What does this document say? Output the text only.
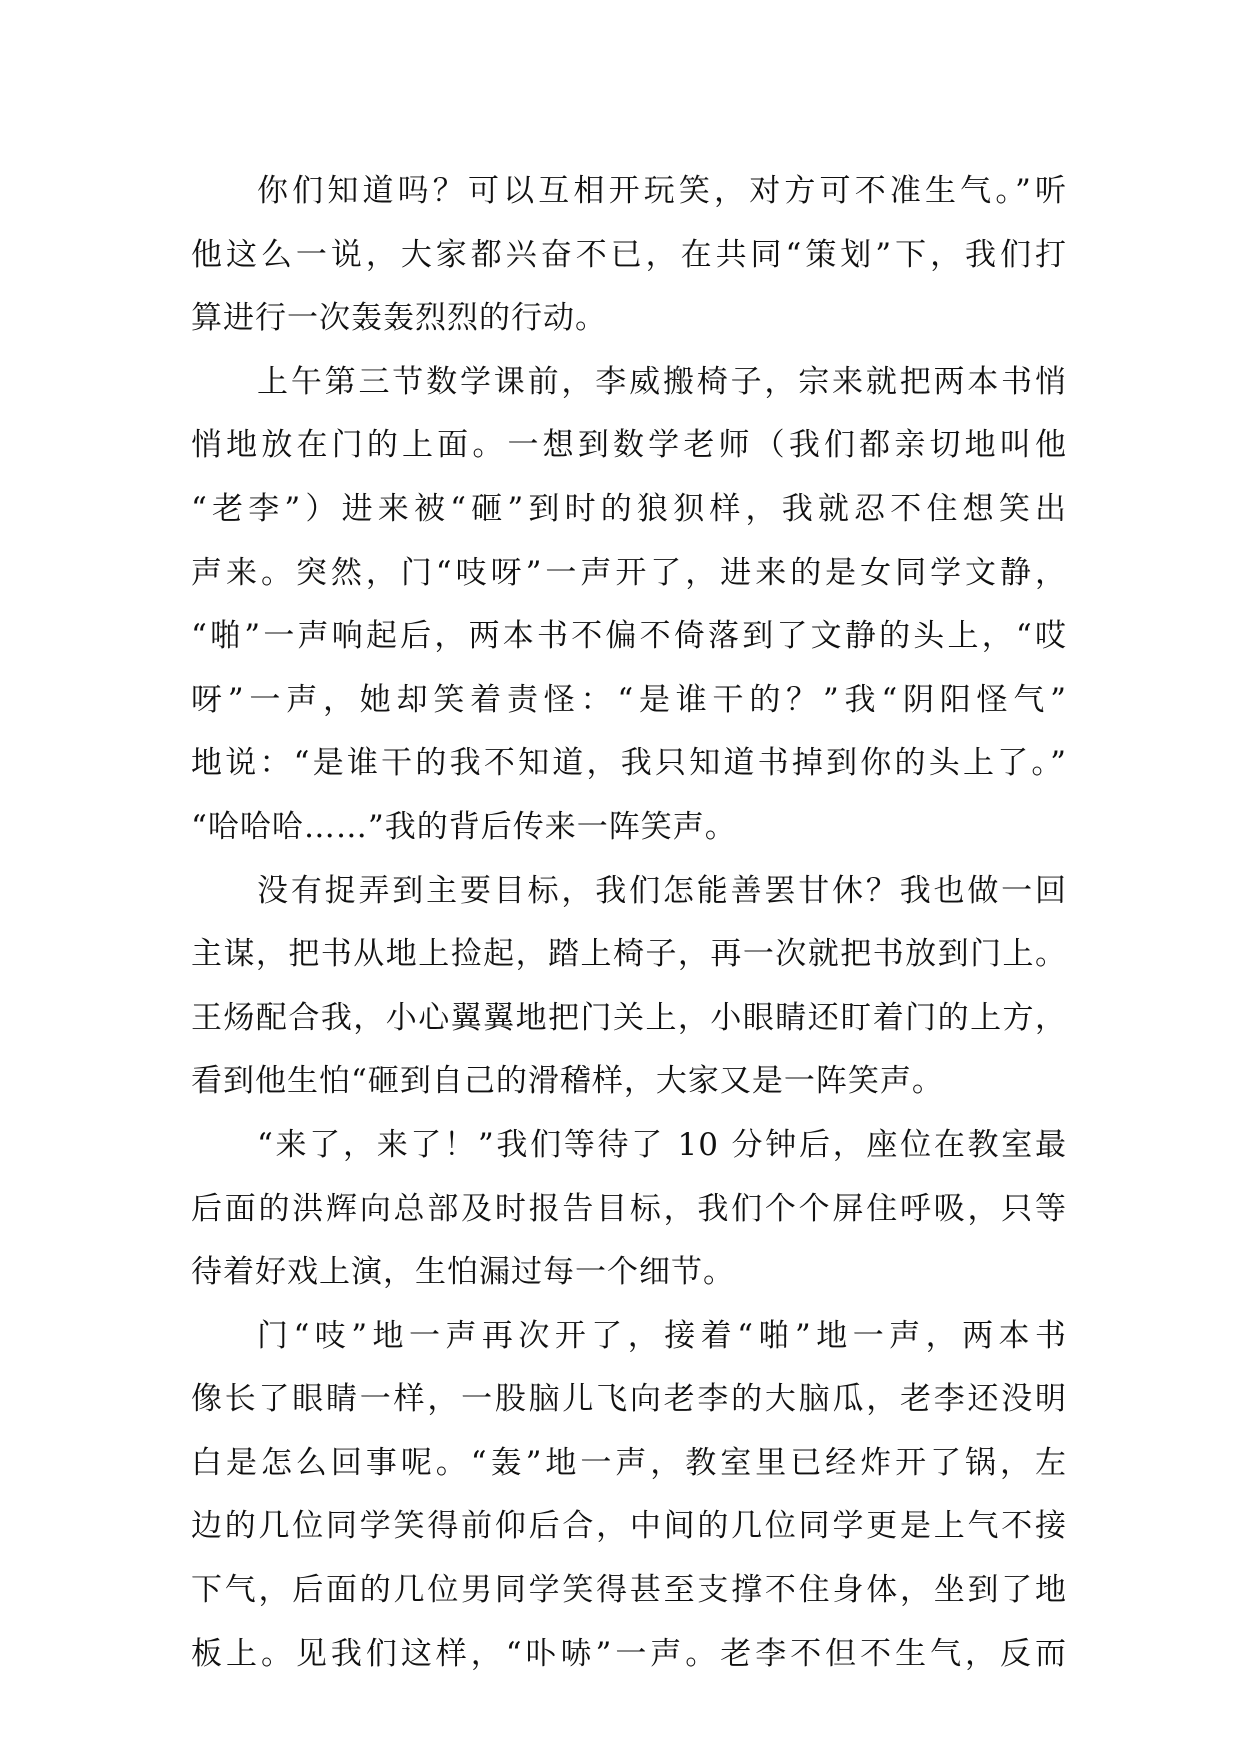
你们知道吗？可以互相开玩笑，对方可不准生气。”听
他这么一说，大家都兴奋不已，在共同“策划”下，我们打
算进行一次轰轰烈烈的行动。
上午第三节数学课前，李威搬椅子，宗来就把两本书悄
悄地放在门的上面。一想到数学老师（我们都亲切地叫他
“老李”）进来被“砸”到时的狼狈样，我就忍不住想笑出
声来。突然，门“吱呀”一声开了，进来的是女同学文静，
“啪”一声响起后，两本书不偏不倚落到了文静的头上，“哎
呀”一声，她却笑着责怪：“是谁干的？”我“阴阳怪气”
地说：“是谁干的我不知道，我只知道书掉到你的头上了。”
“哈哈哈……”我的背后传来一阵笑声。
没有捉弄到主要目标，我们怎能善罢甘休？我也做一回
主谋，把书从地上捡起，踏上椅子，再一次就把书放到门上。
王炀配合我，小心翼翼地把门关上，小眼睛还盯着门的上方，
看到他生怕“砸到自己的滑稽样，大家又是一阵笑声。
“来了，来了！”我们等待了 10 分钟后，座位在教室最
后面的洪辉向总部及时报告目标，我们个个屏住呼吸，只等
待着好戏上演，生怕漏过每一个细节。
门“吱”地一声再次开了，接着“啪”地一声，两本书
像长了眼睛一样，一股脑儿飞向老李的大脑瓜，老李还没明
白是怎么回事呢。“轰”地一声，教室里已经炸开了锅，左
边的几位同学笑得前仰后合，中间的几位同学更是上气不接
下气，后面的几位男同学笑得甚至支撑不住身体，坐到了地
板上。见我们这样，“卟哧”一声。老李不但不生气，反而
